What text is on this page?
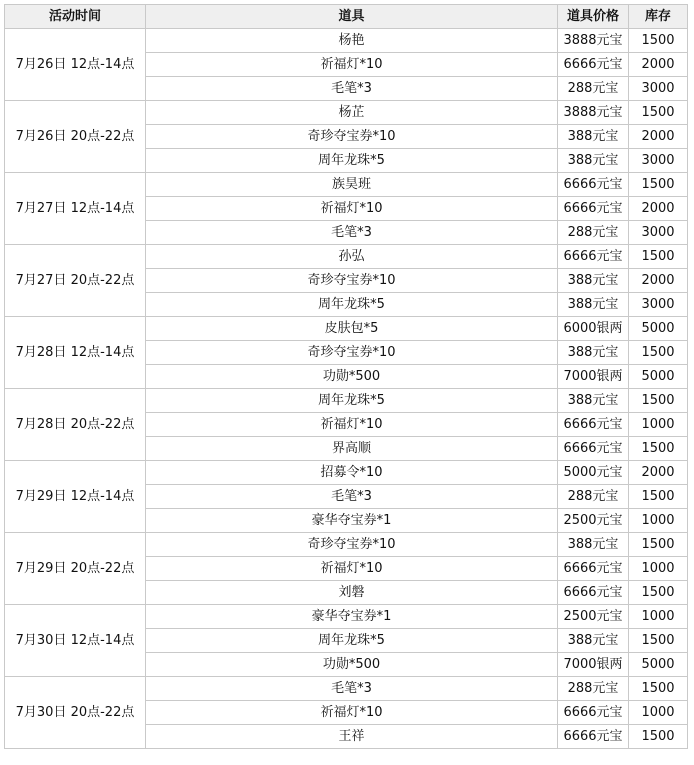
活动时间	道具	道具价格	库存
7月26日 12点-14点	杨艳	3888元宝	1500
	祈福灯*10	6666元宝	2000
	毛笔*3	288元宝	3000
7月26日 20点-22点	杨芷	3888元宝	1500
	奇珍夺宝券*10	388元宝	2000
	周年龙珠*5	388元宝	3000
7月27日 12点-14点	族昊班	6666元宝	1500
	祈福灯*10	6666元宝	2000
	毛笔*3	288元宝	3000
7月27日 20点-22点	孙弘	6666元宝	1500
	奇珍夺宝券*10	388元宝	2000
	周年龙珠*5	388元宝	3000
7月28日 12点-14点	皮肤包*5	6000银两	5000
	奇珍夺宝券*10	388元宝	1500
	功勋*500	7000银两	5000
7月28日 20点-22点	周年龙珠*5	388元宝	1500
	祈福灯*10	6666元宝	1000
	界高顺	6666元宝	1500
7月29日 12点-14点	招募令*10	5000元宝	2000
	毛笔*3	288元宝	1500
	豪华夺宝券*1	2500元宝	1000
7月29日 20点-22点	奇珍夺宝券*10	388元宝	1500
	祈福灯*10	6666元宝	1000
	刘磐	6666元宝	1500
7月30日 12点-14点	豪华夺宝券*1	2500元宝	1000
	周年龙珠*5	388元宝	1500
	功勋*500	7000银两	5000
7月30日 20点-22点	毛笔*3	288元宝	1500
	祈福灯*10	6666元宝	1000
	王祥	6666元宝	1500
